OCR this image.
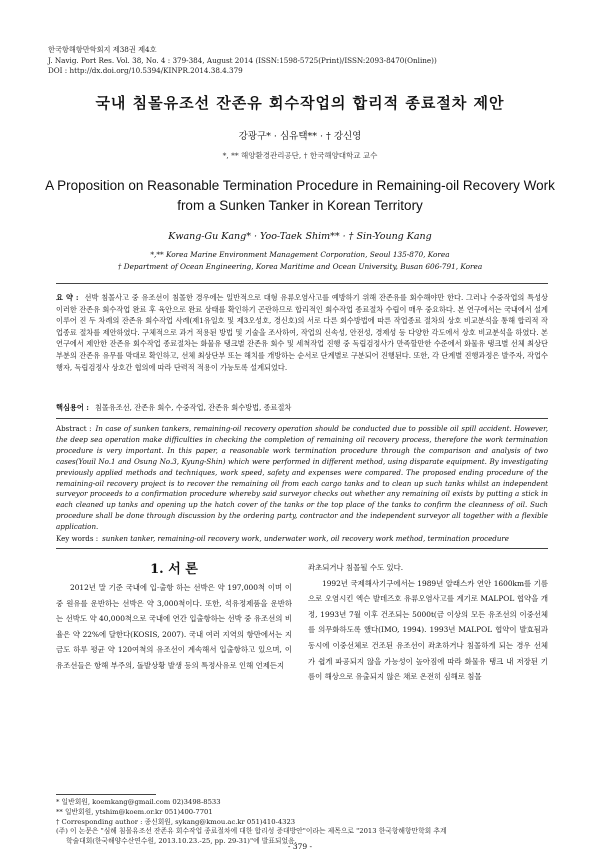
한국항해항만학회지 제38권 제4호
J. Navig. Port Res. Vol. 38, No. 4 : 379-384, August 2014 (ISSN:1598-5725(Print)/ISSN:2093-8470(Online))
DOI : http://dx.doi.org/10.5394/KINPR.2014.38.4.379
국내 침몰유조선 잔존유 회수작업의 합리적 종료절차 제안
강광구* · 심유택** · † 강신영
*, ** 해양환경관리공단, † 한국해양대학교 교수
A Proposition on Reasonable Termination Procedure in Remaining-oil Recovery Work from a Sunken Tanker in Korean Territory
Kwang-Gu Kang* · Yoo-Taek Shim** · † Sin-Young Kang
*,** Korea Marine Environment Management Corporation, Seoul 135-870, Korea
† Department of Ocean Engineering, Korea Maritime and Ocean University, Busan 606-791, Korea
요 약 : 선박 침몰사고 중 유조선이 침몰한 경우에는 일반적으로 대형 유류오염사고를 예방하기 위해 잔존유를 회수해야만 한다. 그러나 수중작업의 특성상 이러한 잔존유 회수작업 완료 후 육안으로 완료 상태를 확인하기 곤란하므로 합리적인 회수작업 종료절차 수립이 매우 중요하다. 본 연구에서는 국내에서 설계 이루어 진 두 차례의 잔존유 회수작업 사례(제1유일호 및 제3오성호, 경신호)의 서로 다른 회수방법에 따른 작업종료 절차의 상호 비교분석을 통해 합리적 작업종료 절차를 제안하였다. 구체적으로 과거 적용된 방법 및 기술을 조사하여, 작업의 신속성, 안전성, 경제성 등 다양한 각도에서 상호 비교분석을 하였다. 본 연구에서 제안한 잔존유 회수작업 종료절차는 화물유 탱크별 잔존유 회수 및 세척작업 진행 중 독립검정사가 만족할만한 수준에서 화물유 탱크별 선체 최상단부분의 잔존유 유무를 막대로 확인하고, 선체 최상단부 또는 해치를 개방하는 순서로 단계별로 구분되어 진행된다. 또한, 각 단계별 진행과정은 발주자, 작업수행자, 독립검정사 상호간 협의에 따라 단력적 적용이 가능토록 설계되었다.
핵심용어 : 침몰유조선, 잔존유 회수, 수중작업, 잔존유 회수방법, 종료절차
Abstract : In case of sunken tankers, remaining-oil recovery operation should be conducted due to possible oil spill accident. However, the deep sea operation make difficulties in checking the completion of remaining oil recovery process, therefore the work termination procedure is very important. In this paper, a reasonable work termination procedure through the comparison and analysis of two cases(Youil No.1 and Osung No.3, Kyung-Shin) which were performed in different method, using disparate equipment. By investigating previously applied methods and techniques, work speed, safety and expenses were compared. The proposed ending procedure of the remaining-oil recovery project is to recover the remaining oil from each cargo tanks and to clean up such tanks whilst an independent surveyor proceeds to a confirmation procedure whereby said surveyor checks out whether any remaining oil exists by putting a stick in each cleaned up tanks and opening up the hatch cover of the tanks or the top place of the tanks to confirm the cleanness of oil. Such procedure shall be done through discussion by the ordering party, contractor and the independent surveyor all together with a flexible application.
Key words : sunken tanker, remaining-oil recovery work, underwater work, oil recovery work method, termination procedure
1. 서 론
2012년 말 기준 국내에 입·출항 하는 선박은 약 197,000척 이며 이 중 원유를 운반하는 선박은 약 3,000척이다. 또한, 석유정제품을 운반하는 선박도 약 40,000척으로 국내에 연간 입출항하는 선박 중 유조선의 비율은 약 22%에 달한다(KOSIS, 2007). 국내 여러 지역의 항만에서는 지금도 하루 평균 약 120여척의 유조선이 계속해서 입출항하고 있으며, 이 유조선들은 항해 부주의, 돌발상황 발생 등의 특정사유로 인해 언제든지
좌초되거나 침몰될 수도 있다.
1992년 국제해사기구에서는 1989년 알래스카 연안 1600km를 기름으로 오염시킨 엑슨 발데즈호 유류오염사고를 계기로 MALPOL 협약을 개정, 1993년 7월 이후 건조되는 5000t(금 이상의 모든 유조선의 이중선체를 의무화하도록 했다(IMO, 1994). 1993년 MALPOL 협약이 발효됨과 동시에 이중선체로 건조된 유조선이 좌초하거나 침몰하게 되는 경우 선체가 쉽게 파공되지 않을 가능성이 높아짐에 따라 화물유 탱크 내 저장된 기름이 해상으로 유출되지 않은 채로 온전히 심해로 침몰
* 일반회원, koemkang@gmail.com 02)3498-8533
** 일반회원, ytshim@koem.or.kr 051)400-7701
† Corresponding author : 종신회원, sykang@kmou.ac.kr 051)410-4323
(주) 이 논문은 "심해 침몰유조선 잔존유 회수작업 종료절차에 대한 합리성 증대방안"이라는 제목으로 "2013 한국항해항만학회 추계
학술대회(한국해양수산연수원, 2013.10.23.-25, pp. 29-31)"에 발표되었음.
- 379 -
